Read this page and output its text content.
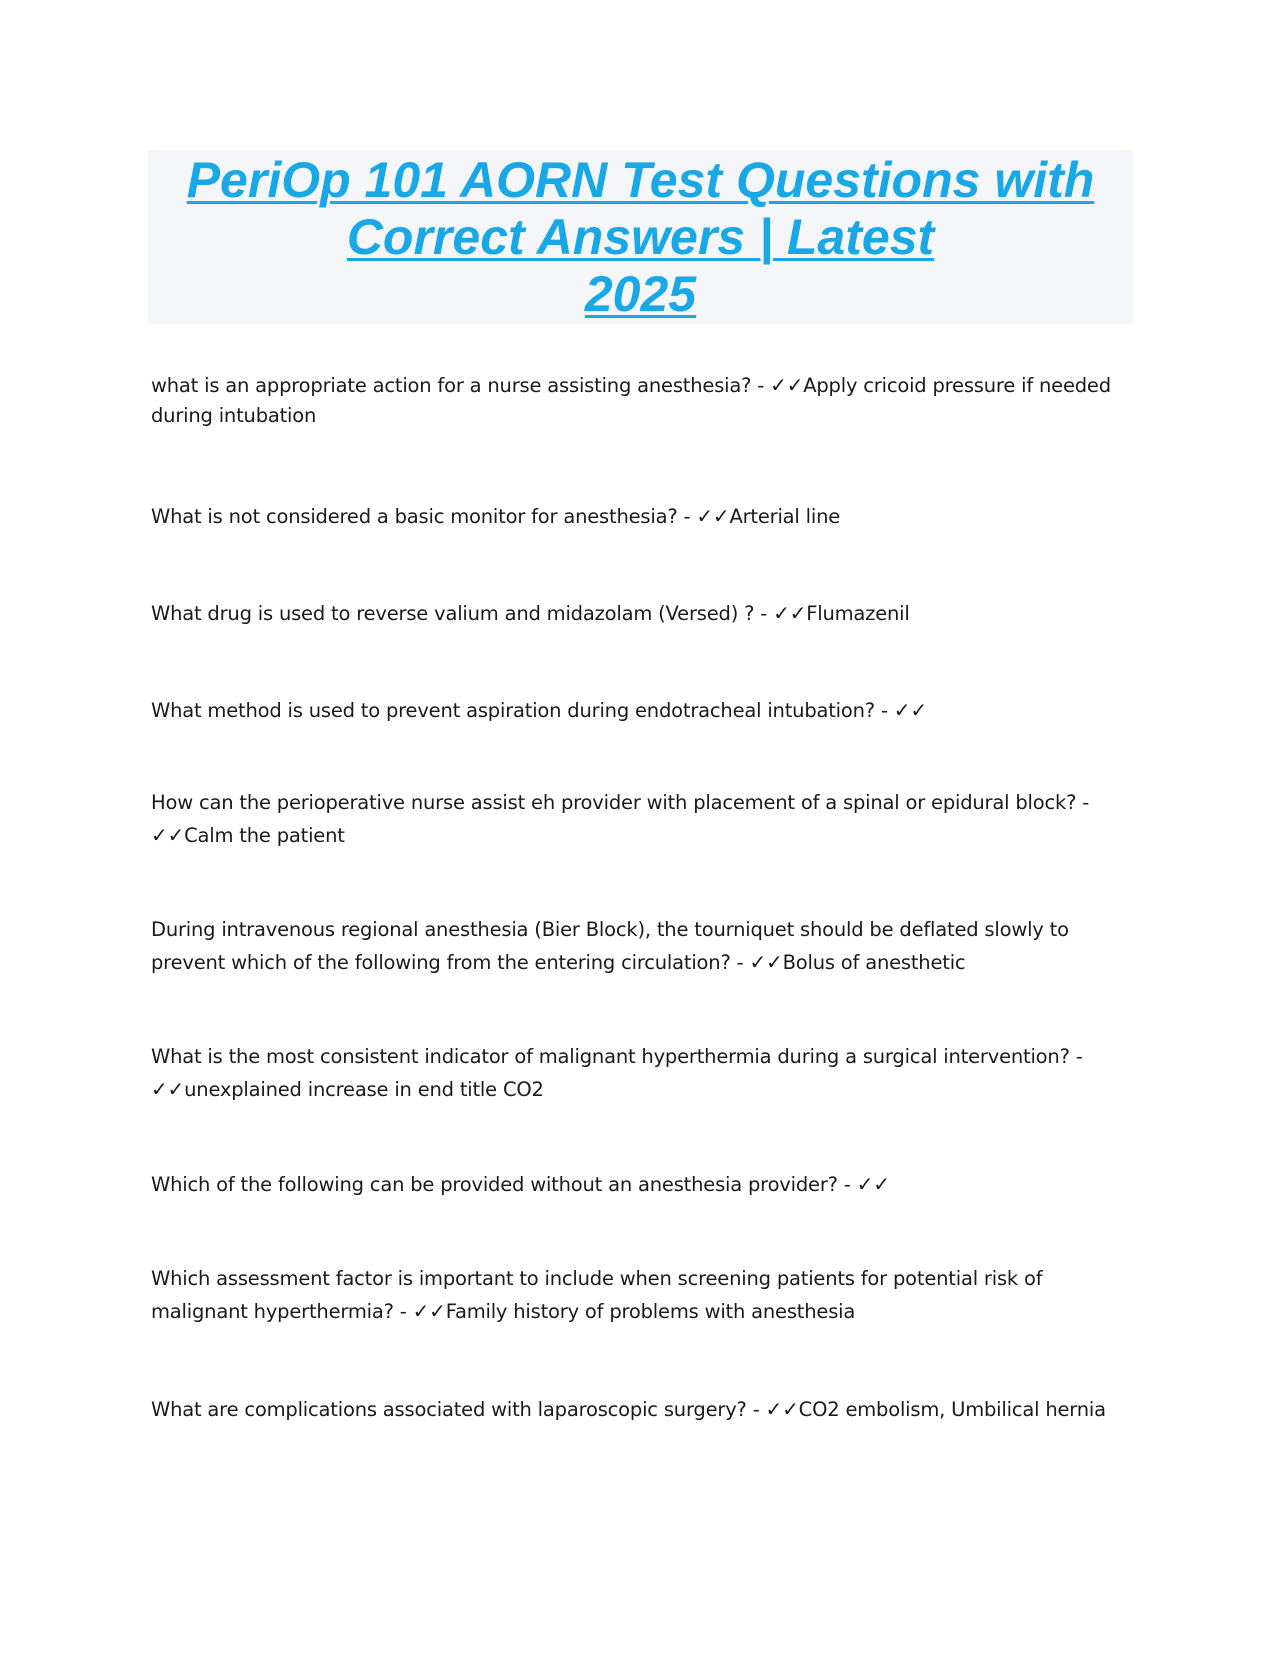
PeriOp 101 AORN Test Questions with
Correct Answers | Latest
2025
what is an appropriate action for a nurse assisting anesthesia? - ✓✓Apply cricoid pressure if needed during intubation
What is not considered a basic monitor for anesthesia? - ✓✓Arterial line
What drug is used to reverse valium and midazolam (Versed) ? - ✓✓Flumazenil
What method is used to prevent aspiration during endotracheal intubation? - ✓✓
How can the perioperative nurse assist eh provider with placement of a spinal or epidural block? - ✓✓Calm the patient
During intravenous regional anesthesia (Bier Block), the tourniquet should be deflated slowly to prevent which of the following from the entering circulation? - ✓✓Bolus of anesthetic
What is the most consistent indicator of malignant hyperthermia during a surgical intervention? - ✓✓unexplained increase in end title CO2
Which of the following can be provided without an anesthesia provider? - ✓✓
Which assessment factor is important to include when screening patients for potential risk of malignant hyperthermia? - ✓✓Family history of problems with anesthesia
What are complications associated with laparoscopic surgery? - ✓✓CO2 embolism, Umbilical hernia
